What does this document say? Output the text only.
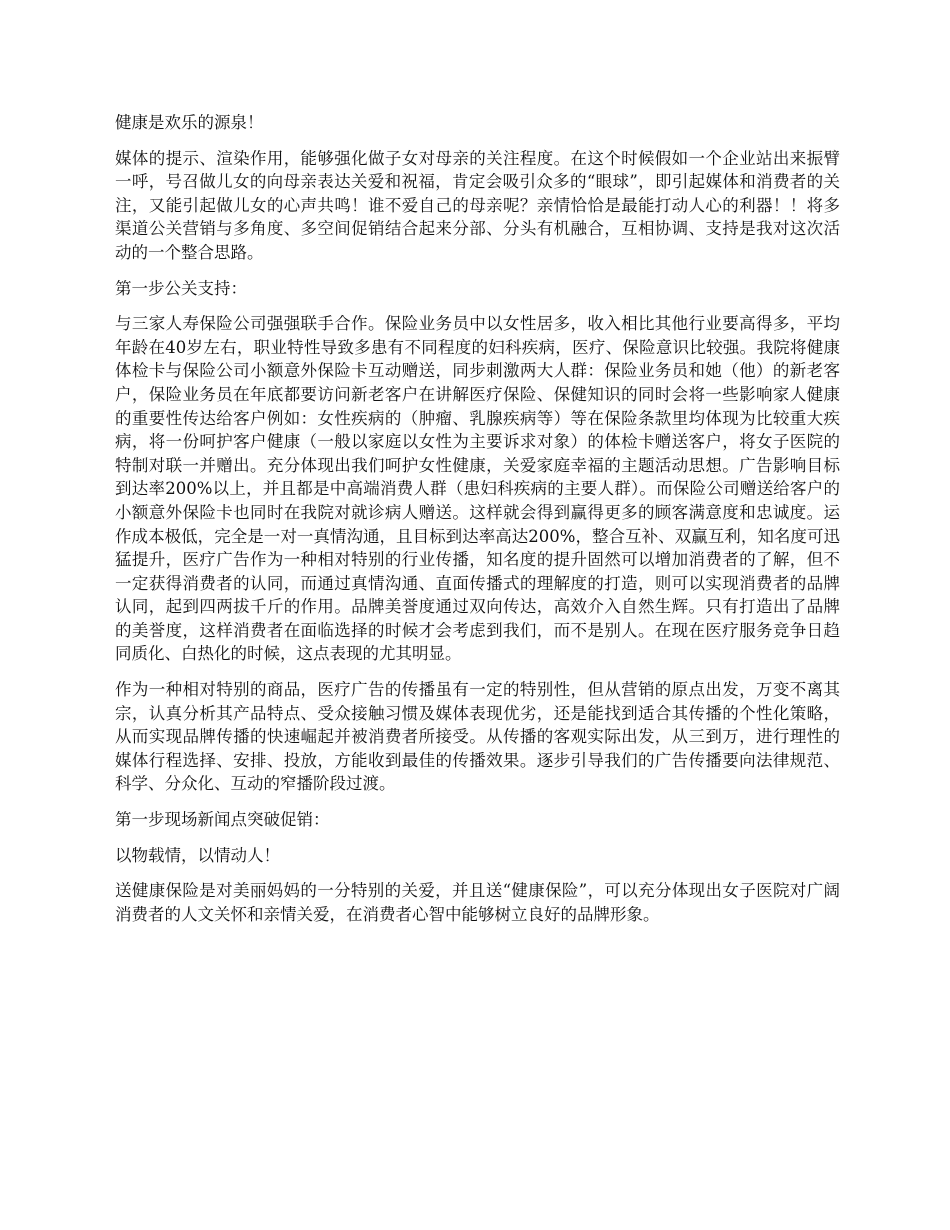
健康是欢乐的源泉！

媒体的提示、渲染作用，能够强化做子女对母亲的关注程度。在这个时候假如一个企业站出来振臂一呼，号召做儿女的向母亲表达关爱和祝福，肯定会吸引众多的“眼球”，即引起媒体和消费者的关注，又能引起做儿女的心声共鸣！谁不爱自己的母亲呢？亲情恰恰是最能打动人心的利器！！将多渠道公关营销与多角度、多空间促销结合起来分部、分头有机融合，互相协调、支持是我对这次活动的一个整合思路。

第一步公关支持：

与三家人寿保险公司强强联手合作。保险业务员中以女性居多，收入相比其他行业要高得多，平均年龄在40岁左右，职业特性导致多患有不同程度的妇科疾病，医疗、保险意识比较强。我院将健康体检卡与保险公司小额意外保险卡互动赠送，同步刺激两大人群：保险业务员和她（他）的新老客户，保险业务员在年底都要访问新老客户在讲解医疗保险、保健知识的同时会将一些影响家人健康的重要性传达给客户例如：女性疾病的（肿瘤、乳腺疾病等）等在保险条款里均体现为比较重大疾病，将一份呵护客户健康（一般以家庭以女性为主要诉求对象）的体检卡赠送客户，将女子医院的特制对联一并赠出。充分体现出我们呵护女性健康，关爱家庭幸福的主题活动思想。广告影响目标到达率200%以上，并且都是中高端消费人群（患妇科疾病的主要人群）。而保险公司赠送给客户的小额意外保险卡也同时在我院对就诊病人赠送。这样就会得到赢得更多的顾客满意度和忠诚度。运作成本极低，完全是一对一真情沟通，且目标到达率高达200%，整合互补、双赢互利，知名度可迅猛提升，医疗广告作为一种相对特别的行业传播，知名度的提升固然可以增加消费者的了解，但不一定获得消费者的认同，而通过真情沟通、直面传播式的理解度的打造，则可以实现消费者的品牌认同，起到四两拔千斤的作用。品牌美誉度通过双向传达，高效介入自然生辉。只有打造出了品牌的美誉度，这样消费者在面临选择的时候才会考虑到我们，而不是别人。在现在医疗服务竞争日趋同质化、白热化的时候，这点表现的尤其明显。

作为一种相对特别的商品，医疗广告的传播虽有一定的特别性，但从营销的原点出发，万变不离其宗，认真分析其产品特点、受众接触习惯及媒体表现优劣，还是能找到适合其传播的个性化策略，从而实现品牌传播的快速崛起并被消费者所接受。从传播的客观实际出发，从三到万，进行理性的媒体行程选择、安排、投放，方能收到最佳的传播效果。逐步引导我们的广告传播要向法律规范、科学、分众化、互动的窄播阶段过渡。

第一步现场新闻点突破促销：

以物载情，以情动人！

送健康保险是对美丽妈妈的一分特别的关爱，并且送“健康保险”，可以充分体现出女子医院对广阔消费者的人文关怀和亲情关爱，在消费者心智中能够树立良好的品牌形象。
